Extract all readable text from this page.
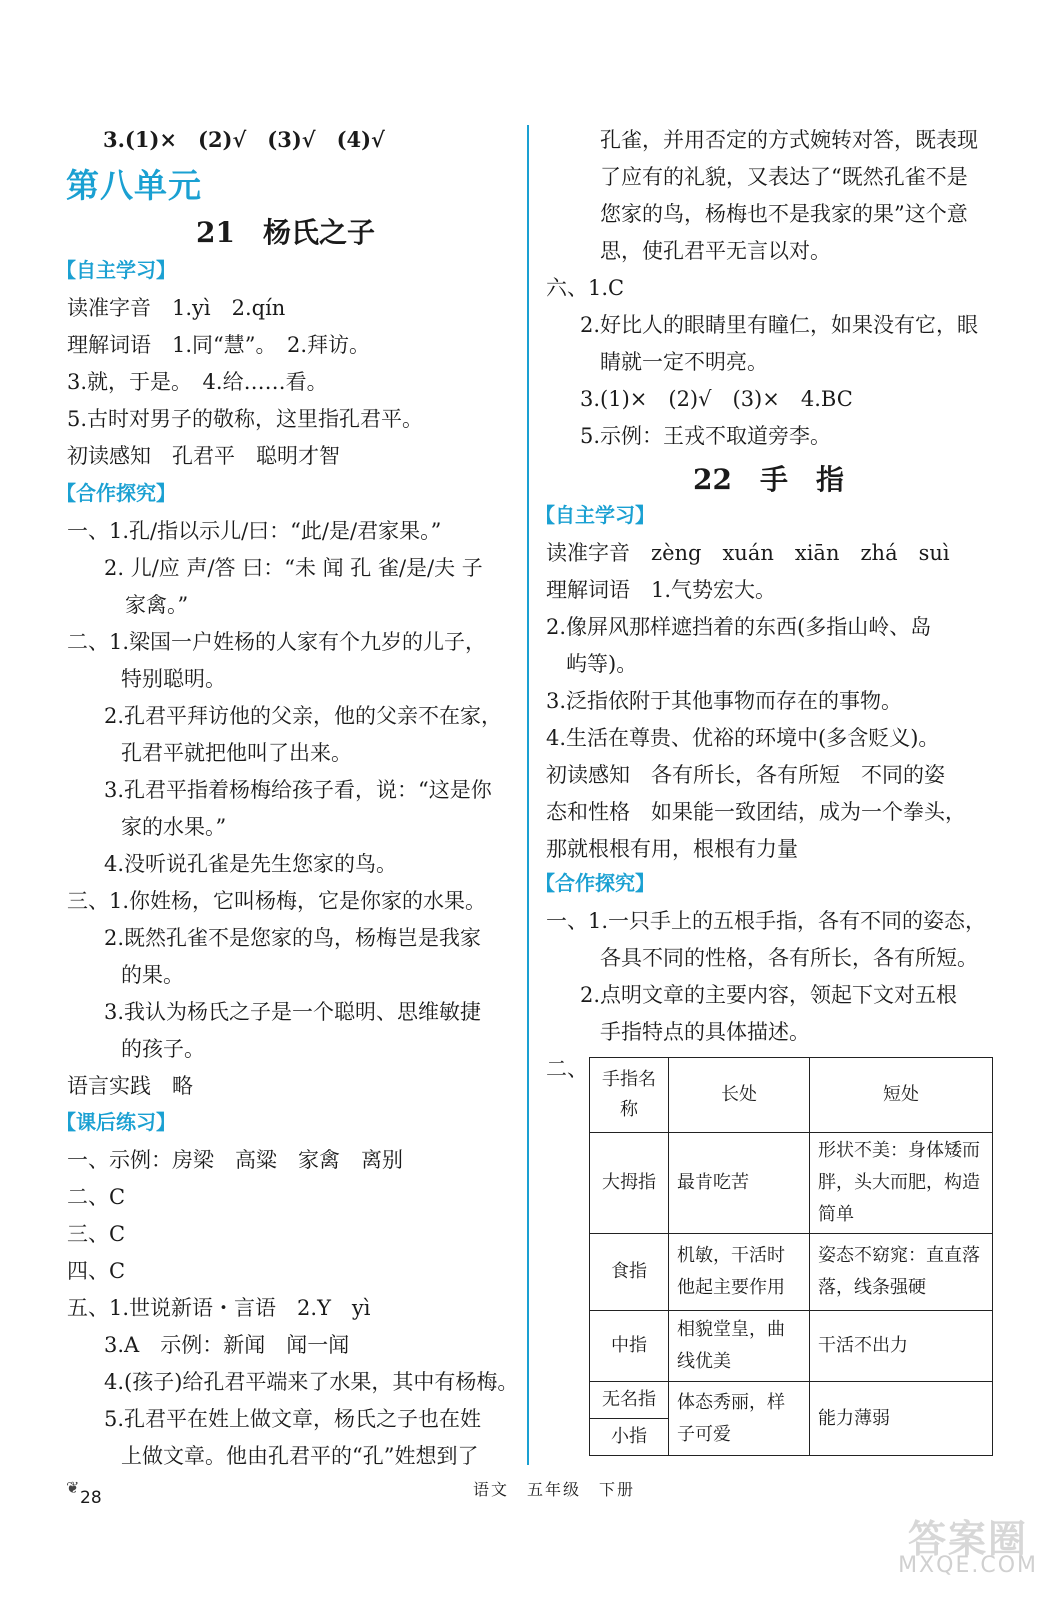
3.(1)×　(2)√　(3)√　(4)√
第八单元
21　杨氏之子
【自主学习】
读准字音　1.yì　2.qín
理解词语　1.同“慧”。　2.拜访。
3.就，于是。　4.给……看。
5.古时对男子的敬称，这里指孔君平。
初读感知　孔君平　聪明才智
【合作探究】
一、1.孔/指以示儿/曰：“此/是/君家果。”
2. 儿/应 声/答 曰：“未 闻 孔 雀/是/夫 子
家禽。”
二、1.梁国一户姓杨的人家有个九岁的儿子，
特别聪明。
2.孔君平拜访他的父亲，他的父亲不在家，
孔君平就把他叫了出来。
3.孔君平指着杨梅给孩子看，说：“这是你
家的水果。”
4.没听说孔雀是先生您家的鸟。
三、1.你姓杨，它叫杨梅，它是你家的水果。
2.既然孔雀不是您家的鸟，杨梅岂是我家
的果。
3.我认为杨氏之子是一个聪明、思维敏捷
的孩子。
语言实践　略
【课后练习】
一、示例：房梁　高粱　家禽　离别
二、C
三、C
四、C
五、1.世说新语・言语　2.Y　yì
3.A　示例：新闻　闻一闻
4.(孩子)给孔君平端来了水果，其中有杨梅。
5.孔君平在姓上做文章，杨氏之子也在姓
上做文章。他由孔君平的“孔”姓想到了
孔雀，并用否定的方式婉转对答，既表现
了应有的礼貌，又表达了“既然孔雀不是
您家的鸟，杨梅也不是我家的果”这个意
思，使孔君平无言以对。
六、1.C
2.好比人的眼睛里有瞳仁，如果没有它，眼
睛就一定不明亮。
3.(1)×　(2)√　(3)×　4.BC
5.示例：王戎不取道旁李。
22　手　指
【自主学习】
读准字音　zèng　xuán　xiān　zhá　suì
理解词语　1.气势宏大。
2.像屏风那样遮挡着的东西(多指山岭、岛
屿等)。
3.泛指依附于其他事物而存在的事物。
4.生活在尊贵、优裕的环境中(多含贬义)。
初读感知　各有所长，各有所短　不同的姿
态和性格　如果能一致团结，成为一个拳头，
那就根根有用，根根有力量
【合作探究】
一、1.一只手上的五根手指，各有不同的姿态，
各具不同的性格，各有所长，各有所短。
2.点明文章的主要内容，领起下文对五根
手指特点的具体描述。
二、 手指名称	长处	短处
大拇指	最肯吃苦	形状不美：身体矮而胖，头大而肥，构造简单
食指	机敏，干活时他起主要作用	姿态不窈窕：直直落落，线条强硬
中指	相貌堂皇，曲线优美	干活不出力
无名指	体态秀丽，样子可爱	能力薄弱
小指		
❦
28	语文　五年级　下册
答案圈
MXQE.COM
